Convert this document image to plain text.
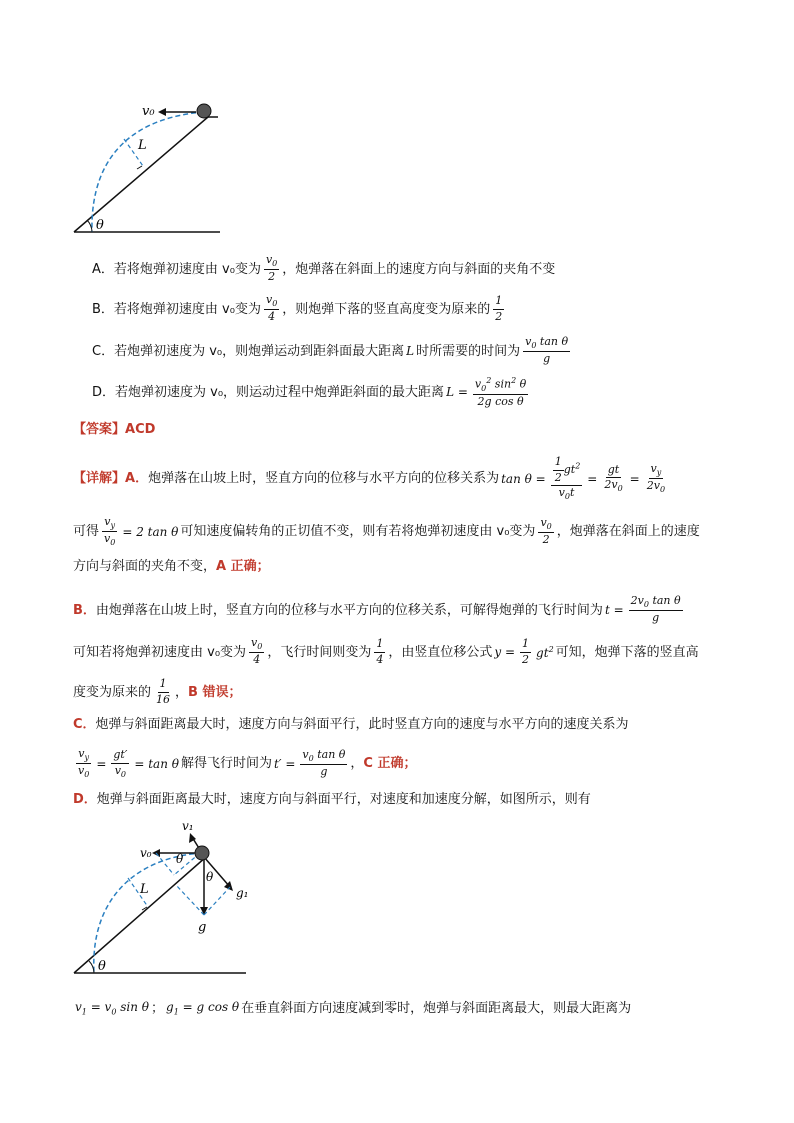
v₀
L
θ
A． 若将炮弹初速度由 v₀变为 $\frac{v_0}{2}$ ，炮弹落在斜面上的速度方向与斜面的夹角不变
B． 若将炮弹初速度由 v₀变为 $\frac{v_0}{4}$ ，则炮弹下落的竖直高度变为原来的 $\frac{1}{2}$
C． 若炮弹初速度为 v₀，则炮弹运动到距斜面最大距离 L 时所需要的时间为 $\frac{v_0 \tan \theta}{g}$
D． 若炮弹初速度为 v₀，则运动过程中炮弹距斜面的最大距离 $L = \frac{v_0^2 \sin^2 \theta}{\text{2g cos θ}}$
【答案】 ACD
【详解】 A． 炮弹落在山坡上时，竖直方向的位移与水平方向的位移关系为 $\tan \theta = \frac{\frac{1}{2} gt^2}{v_0t} = \frac{gt}{2v_0} = \frac{v_y}{2v_0}$
可得 $\frac{v_y}{v_0} = 2$ tan θ 可知速度偏转角的正切值不变，则有若将炮弹初速度由 v₀变为 $\frac{v_0}{2}$ ，炮弹落在斜面上的速度
方向与斜面的夹角不变， A 正确；
B． 由炮弹落在山坡上时，竖直方向的位移与水平方向的位移关系，可解得炮弹的飞行时间为 $t = \frac{2v_0 \tan \theta}{g}$
可知若将炮弹初速度由 v₀变为 $\frac{v_0}{4}$ ，飞行时间则变为 $\frac{1}{4}$ ，由竖直位移公式 $y = \frac{1}{2} gt^2$ 可知，炮弹下落的竖直高
度变为原来的 $\frac{1}{16}$ ， B 错误；
C． 炮弹与斜面距离最大时，速度方向与斜面平行，此时竖直方向的速度与水平方向的速度关系为
$\frac{v_y}{v_0} = \frac{gt'}{v_0} = \tan \theta$ 解得飞行时间为 $t' = \frac{v_0 \tan \theta}{g}$ ， C 正确；
D． 炮弹与斜面距离最大时，速度方向与斜面平行，对速度和加速度分解，如图所示，则有
v₁
v₀ θ
θ
g₁
g
L
θ
$v_1 = v_0$ sin θ ； $g_1 = g$ cos θ 在垂直斜面方向速度减到零时，炮弹与斜面距离最大，则最大距离为
